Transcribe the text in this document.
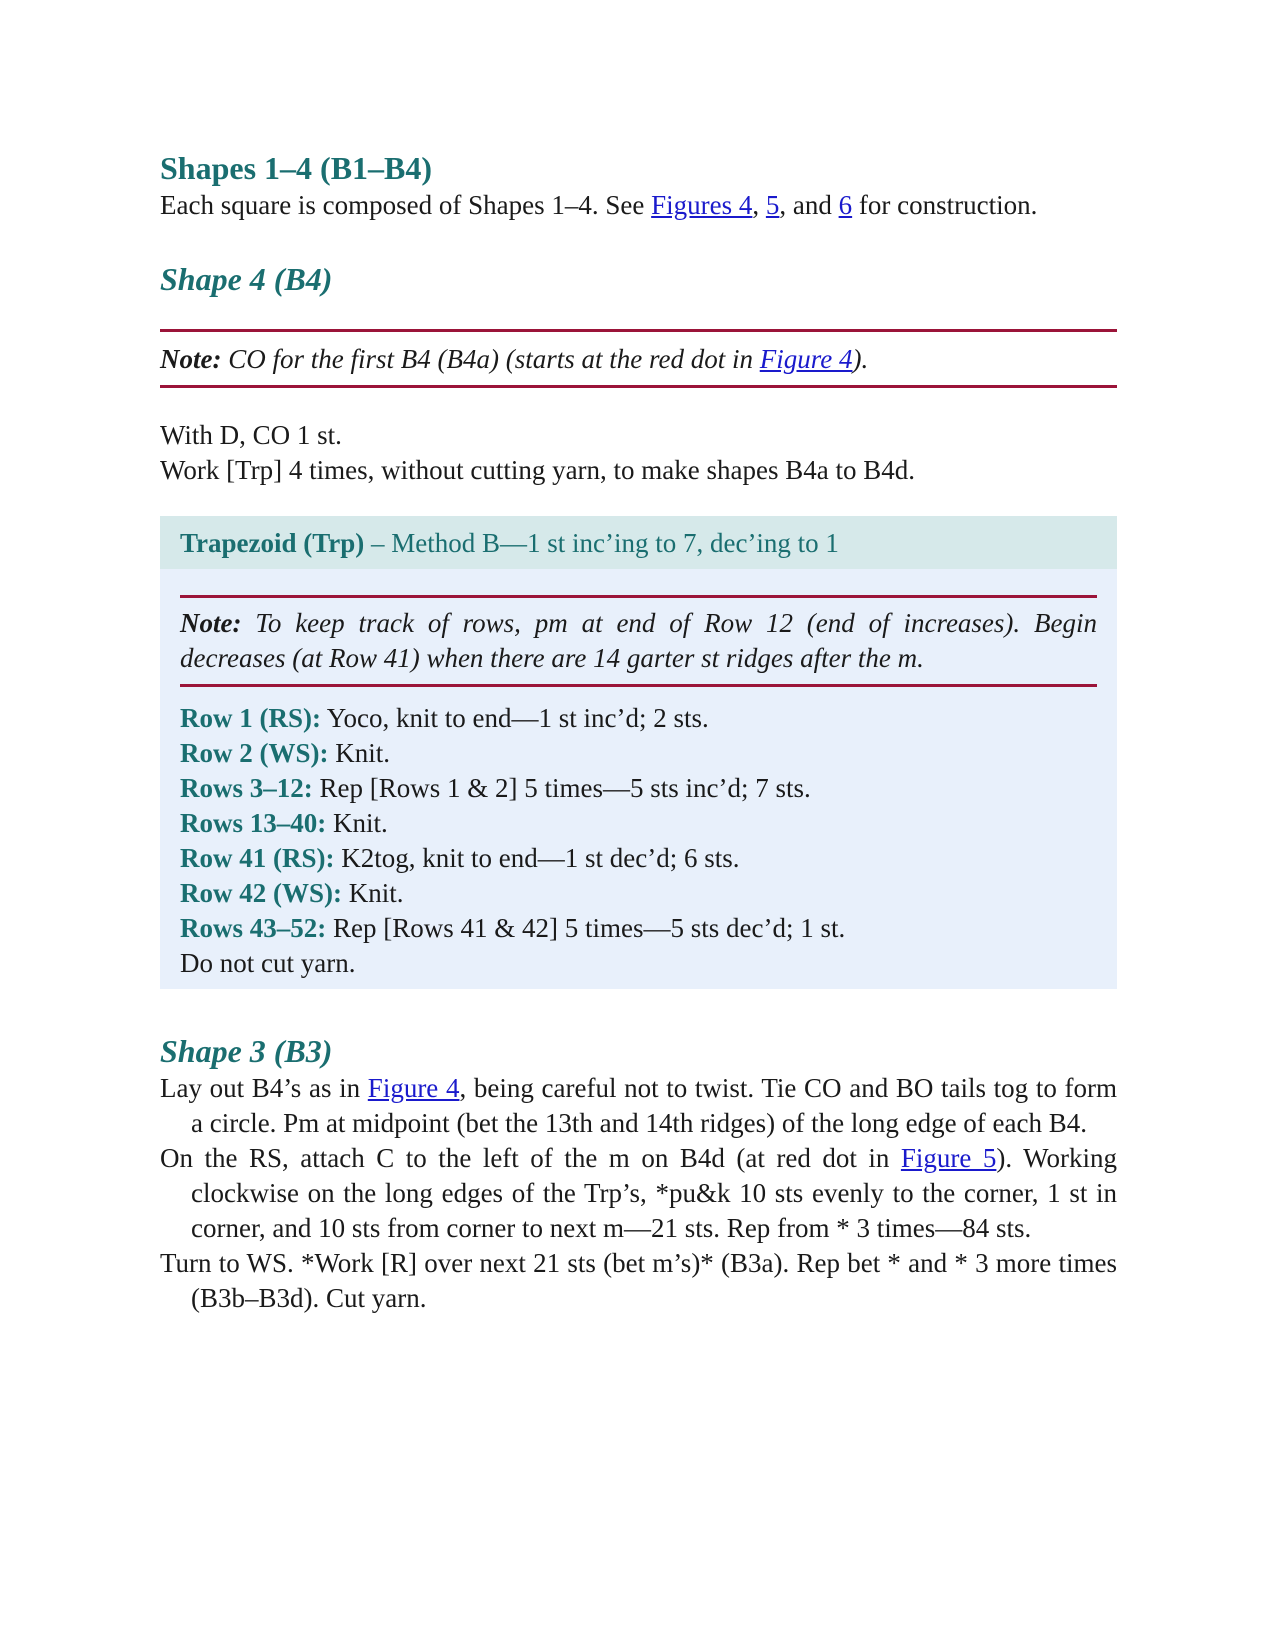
Shapes 1–4 (B1–B4)

Each square is composed of Shapes 1–4. See Figures 4, 5, and 6 for construction.

Shape 4 (B4)
Note: CO for the first B4 (B4a) (starts at the red dot in Figure 4).

With D, CO 1 st.

Work [Trp] 4 times, without cutting yarn, to make shapes B4a to B4d.

Trapezoid (Trp) – Method B—1 st inc’ing to 7, dec’ing to 1
Note: To keep track of rows, pm at end of Row 12 (end of increases). Begin decreases (at Row 41) when there are 14 garter st ridges after the m.

Row 1 (RS): Yoco, knit to end—1 st inc’d; 2 sts.

Row 2 (WS): Knit.

Rows 3–12: Rep [Rows 1 & 2] 5 times—5 sts inc’d; 7 sts.

Rows 13–40: Knit.

Row 41 (RS): K2tog, knit to end—1 st dec’d; 6 sts.

Row 42 (WS): Knit.

Rows 43–52: Rep [Rows 41 & 42] 5 times—5 sts dec’d; 1 st.

Do not cut yarn.

Shape 3 (B3)

Lay out B4’s as in Figure 4, being careful not to twist. Tie CO and BO tails tog to form a circle. Pm at midpoint (bet the 13th and 14th ridges) of the long edge of each B4.

On the RS, attach C to the left of the m on B4d (at red dot in Figure 5). Working clockwise on the long edges of the Trp’s, *pu&k 10 sts evenly to the corner, 1 st in corner, and 10 sts from corner to next m—21 sts. Rep from * 3 times—84 sts.

Turn to WS. *Work [R] over next 21 sts (bet m’s)* (B3a). Rep bet * and * 3 more times (B3b–B3d). Cut yarn.
